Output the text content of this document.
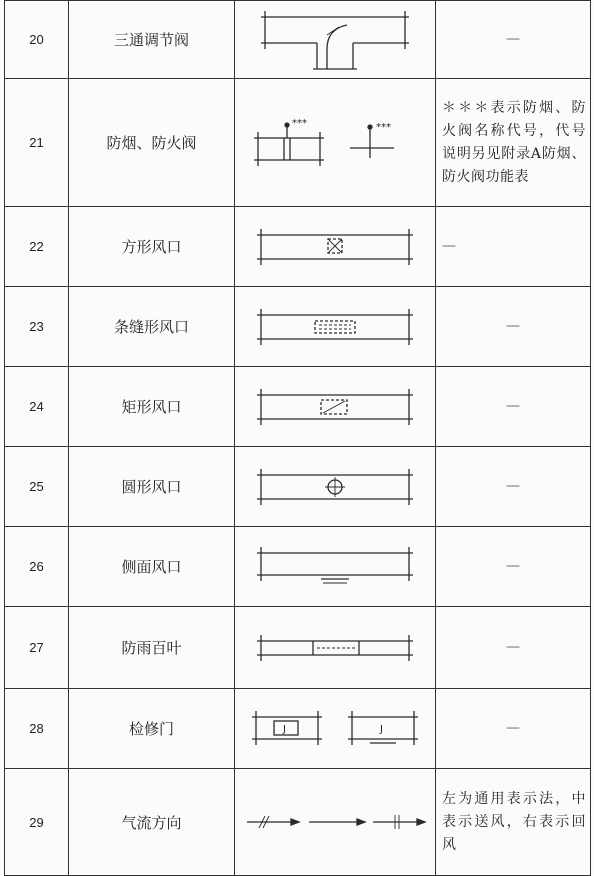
20	三通调节阀		—

21	防烟、防火阀	*** ***	＊＊＊表示防烟、防火阀名称代号，代号说明另见附录A防烟、防火阀功能表

22	方形风口		—

23	条缝形风口		—

24	矩形风口		—

25	圆形风口		—

26	侧面风口		—

27	防雨百叶		—

28	检修门	J J	—

29	气流方向		左为通用表示法，中表示送风，右表示回风
